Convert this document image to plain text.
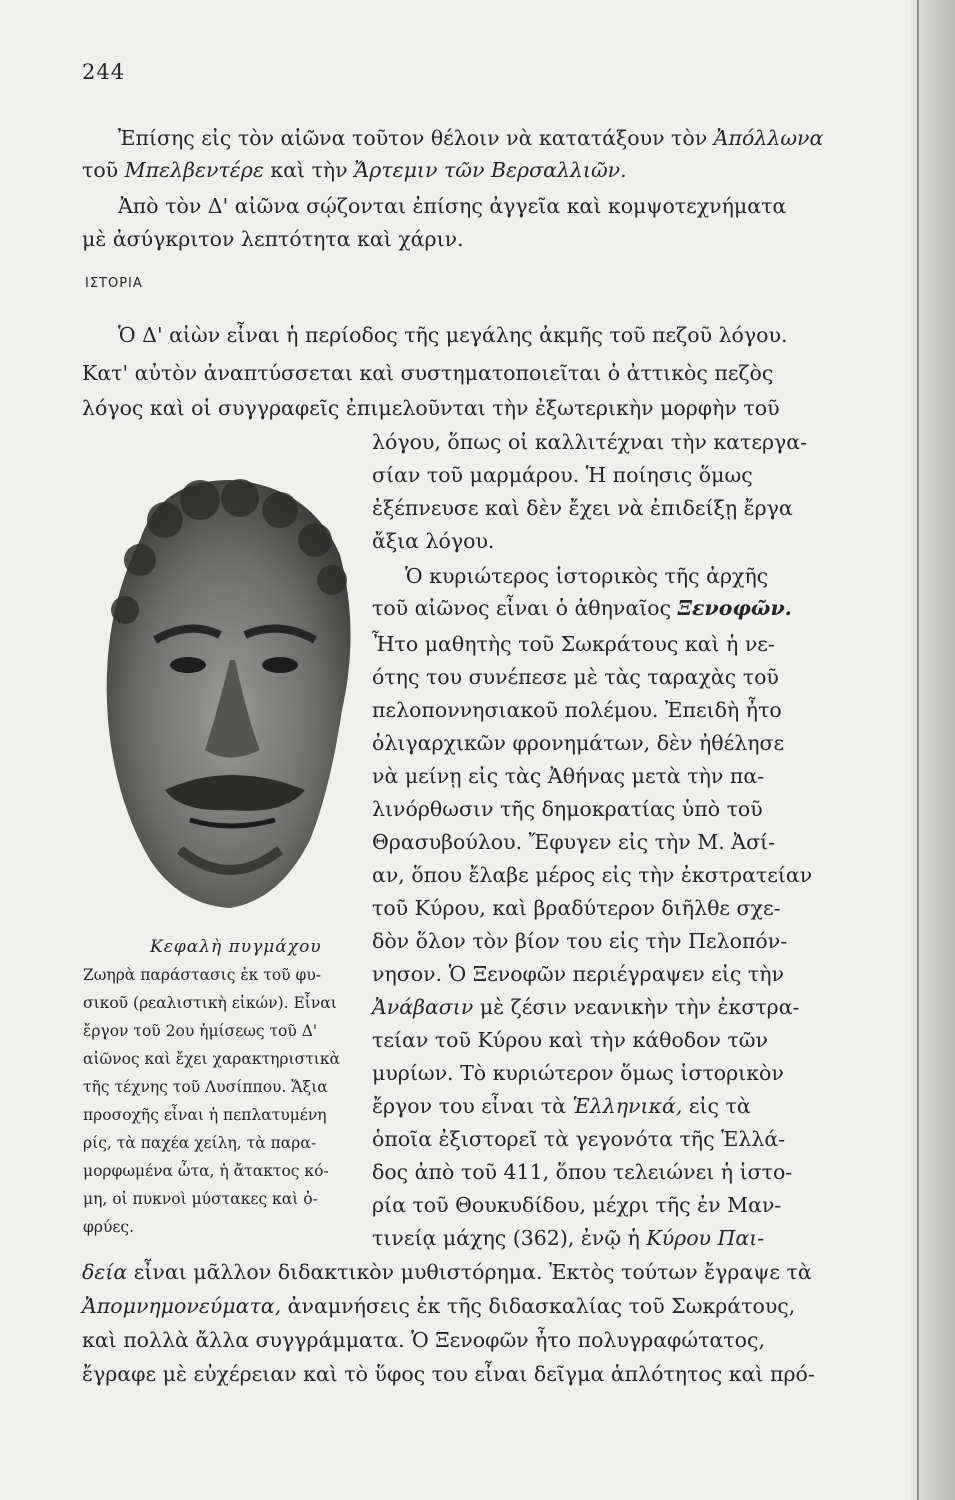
244
Ἐπίσης εἰς τὸν αἰῶνα τοῦτον θέλοιν νὰ κατατάξουν τὸν Ἀπόλλωνα
τοῦ Μπελβεντέρε καὶ τὴν Ἄρτεμιν τῶν Βερσαλλιῶν.
Ἀπὸ τὸν Δ' αἰῶνα σῴζονται ἐπίσης ἀγγεῖα καὶ κομψοτεχνήματα
μὲ ἀσύγκριτον λεπτότητα καὶ χάριν.
ΙΣΤΟΡΙΑ
Ὁ Δ' αἰὼν εἶναι ἡ περίοδος τῆς μεγάλης ἀκμῆς τοῦ πεζοῦ λόγου.
Κατ' αὐτὸν ἀναπτύσσεται καὶ συστηματοποιεῖται ὁ ἀττικὸς πεζὸς
λόγος καὶ οἱ συγγραφεῖς ἐπιμελοῦνται τὴν ἐξωτερικὴν μορφὴν τοῦ
λόγου, ὅπως οἱ καλλιτέχναι τὴν κατεργα-
σίαν τοῦ μαρμάρου. Ἡ ποίησις ὅμως
ἐξέπνευσε καὶ δὲν ἔχει νὰ ἐπιδείξῃ ἔργα
ἄξια λόγου.
Ὁ κυριώτερος ἱστορικὸς τῆς ἀρχῆς
τοῦ αἰῶνος εἶναι ὁ ἀθηναῖος Ξενοφῶν.
Ἦτο μαθητὴς τοῦ Σωκράτους καὶ ἡ νε-
ότης του συνέπεσε μὲ τὰς ταραχὰς τοῦ
πελοποννησιακοῦ πολέμου. Ἐπειδὴ ἦτο
ὀλιγαρχικῶν φρονημάτων, δὲν ἠθέλησε
νὰ μείνῃ εἰς τὰς Ἀθήνας μετὰ τὴν πα-
λινόρθωσιν τῆς δημοκρατίας ὑπὸ τοῦ
Θρασυβούλου. Ἔφυγεν εἰς τὴν Μ. Ἀσί-
αν, ὅπου ἔλαβε μέρος εἰς τὴν ἐκστρατείαν
τοῦ Κύρου, καὶ βραδύτερον διῆλθε σχε-
δὸν ὅλον τὸν βίον του εἰς τὴν Πελοπόν-
νησον. Ὁ Ξενοφῶν περιέγραψεν εἰς τὴν
Ἀνάβασιν μὲ ζέσιν νεανικὴν τὴν ἐκστρα-
τείαν τοῦ Κύρου καὶ τὴν κάθοδον τῶν
μυρίων. Τὸ κυριώτερον ὅμως ἱστορικὸν
ἔργον του εἶναι τὰ Ἑλληνικά, εἰς τὰ
ὁποῖα ἐξιστορεῖ τὰ γεγονότα τῆς Ἑλλά-
δος ἀπὸ τοῦ 411, ὅπου τελειώνει ἡ ἱστο-
ρία τοῦ Θουκυδίδου, μέχρι τῆς ἐν Μαν-
τινείᾳ μάχης (362), ἐνῷ ἡ Κύρου Παι-
δεία εἶναι μᾶλλον διδακτικὸν μυθιστόρημα. Ἐκτὸς τούτων ἔγραψε τὰ
Ἀπομνημονεύματα, ἀναμνήσεις ἐκ τῆς διδασκαλίας τοῦ Σωκράτους,
καὶ πολλὰ ἄλλα συγγράμματα. Ὁ Ξενοφῶν ἦτο πολυγραφώτατος,
ἔγραφε μὲ εὐχέρειαν καὶ τὸ ὕφος του εἶναι δεῖγμα ἁπλότητος καὶ πρό-
Κεφαλὴ πυγμάχου
Ζωηρὰ παράστασις ἐκ τοῦ φυ-
σικοῦ (ρεαλιστικὴ εἰκών). Εἶναι
ἔργον τοῦ 2ου ἡμίσεως τοῦ Δ'
αἰῶνος καὶ ἔχει χαρακτηριστικὰ
τῆς τέχνης τοῦ Λυσίππου. Ἄξια
προσοχῆς εἶναι ἡ πεπλατυμένη
ρίς, τὰ παχέα χείλη, τὰ παρα-
μορφωμένα ὦτα, ἡ ἄτακτος κό-
μη, οἱ πυκνοὶ μύστακες καὶ ὀ-
φρύες.
